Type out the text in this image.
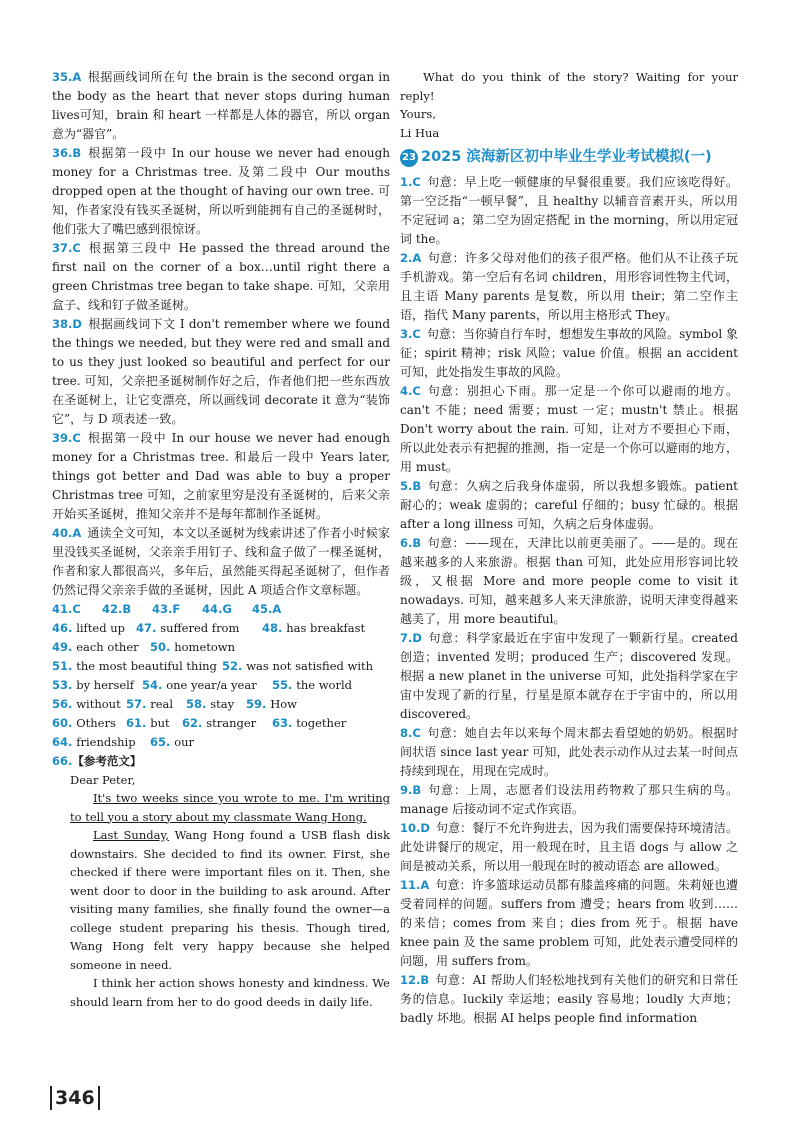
35.A 根据画线词所在句 the brain is the second organ in the body as the heart that never stops during human lives可知，brain 和 heart 一样都是人体的器官，所以 organ 意为“器官”。
36.B 根据第一段中 In our house we never had enough money for a Christmas tree. 及第二段中 Our mouths dropped open at the thought of having our own tree. 可知，作者家没有钱买圣诞树，所以听到能拥有自己的圣诞树时，他们张大了嘴巴感到很惊讶。
37.C 根据第三段中 He passed the thread around the first nail on the corner of a box…until right there a green Christmas tree began to take shape. 可知，父亲用盒子、线和钉子做圣诞树。
38.D 根据画线词下文 I don't remember where we found the things we needed, but they were red and small and to us they just looked so beautiful and perfect for our tree. 可知，父亲把圣诞树制作好之后，作者他们把一些东西放在圣诞树上，让它变漂亮，所以画线词 decorate it 意为“装饰它”，与 D 项表述一致。
39.C 根据第一段中 In our house we never had enough money for a Christmas tree. 和最后一段中 Years later, things got better and Dad was able to buy a proper Christmas tree 可知，之前家里穷是没有圣诞树的，后来父亲开始买圣诞树，推知父亲并不是每年都制作圣诞树。
40.A 通读全文可知，本文以圣诞树为线索讲述了作者小时候家里没钱买圣诞树，父亲亲手用钉子、线和盒子做了一棵圣诞树，作者和家人都很高兴，多年后，虽然能买得起圣诞树了，但作者仍然记得父亲亲手做的圣诞树，因此 A 项适合作文章标题。
41.C	42.B	43.F	44.G	45.A
46. lifted up 47. suffered from	48. has breakfast
49. each other 50. hometown
51. the most beautiful thing 52. was not satisfied with
53. by herself 54. one year/a year	55. the world
56. without 57. real	58. stay	59. How
60. Others 61. but	62. stranger	63. together
64. friendship	65. our

66.【参考范文】

Dear Peter,

It's two weeks since you wrote to me. I'm writing to tell you a story about my classmate Wang Hong.

Last Sunday, Wang Hong found a USB flash disk downstairs. She decided to find its owner. First, she checked if there were important files on it. Then, she went door to door in the building to ask around. After visiting many families, she finally found the owner—a college student preparing his thesis. Though tired, Wang Hong felt very happy because she helped someone in need.

I think her action shows honesty and kindness. We should learn from her to do good deeds in daily life.

What do you think of the story? Waiting for your reply!

Yours,

Li Hua

23 2025 滨海新区初中毕业生学业考试模拟(一)
1.C 句意：早上吃一顿健康的早餐很重要。我们应该吃得好。第一空泛指“一顿早餐”，且 healthy 以辅音音素开头，所以用不定冠词 a；第二空为固定搭配 in the morning，所以用定冠词 the。
2.A 句意：许多父母对他们的孩子很严格。他们从不让孩子玩手机游戏。第一空后有名词 children，用形容词性物主代词，且主语 Many parents 是复数，所以用 their；第二空作主语，指代 Many parents，所以用主格形式 They。
3.C 句意：当你骑自行车时，想想发生事故的风险。symbol 象征；spirit 精神；risk 风险；value 价值。根据 an accident 可知，此处指发生事故的风险。
4.C 句意：别担心下雨。那一定是一个你可以避雨的地方。can't 不能；need 需要；must 一定；mustn't 禁止。根据 Don't worry about the rain. 可知，让对方不要担心下雨，所以此处表示有把握的推测，指一定是一个你可以避雨的地方，用 must。
5.B 句意：久病之后我身体虚弱，所以我想多锻炼。patient 耐心的；weak 虚弱的；careful 仔细的；busy 忙碌的。根据 after a long illness 可知，久病之后身体虚弱。
6.B 句意：——现在，天津比以前更美丽了。——是的。现在越来越多的人来旅游。根据 than 可知，此处应用形容词比较级，又根据 More and more people come to visit it nowadays. 可知，越来越多人来天津旅游，说明天津变得越来越美了，用 more beautiful。
7.D 句意：科学家最近在宇宙中发现了一颗新行星。created 创造；invented 发明；produced 生产；discovered 发现。根据 a new planet in the universe 可知，此处指科学家在宇宙中发现了新的行星，行星是原本就存在于宇宙中的，所以用 discovered。
8.C 句意：她自去年以来每个周末都去看望她的奶奶。根据时间状语 since last year 可知，此处表示动作从过去某一时间点持续到现在，用现在完成时。
9.B 句意：上周，志愿者们设法用药物救了那只生病的鸟。manage 后接动词不定式作宾语。
10.D 句意：餐厅不允许狗进去，因为我们需要保持环境清洁。此处讲餐厅的规定，用一般现在时，且主语 dogs 与 allow 之间是被动关系，所以用一般现在时的被动语态 are allowed。
11.A 句意：许多篮球运动员都有膝盖疼痛的问题。朱莉娅也遭受着同样的问题。suffers from 遭受；hears from 收到……的来信；comes from 来自；dies from 死于。根据 have knee pain 及 the same problem 可知，此处表示遭受同样的问题，用 suffers from。
12.B 句意：AI 帮助人们轻松地找到有关他们的研究和日常任务的信息。luckily 幸运地；easily 容易地；loudly 大声地；badly 坏地。根据 AI helps people find information
346
